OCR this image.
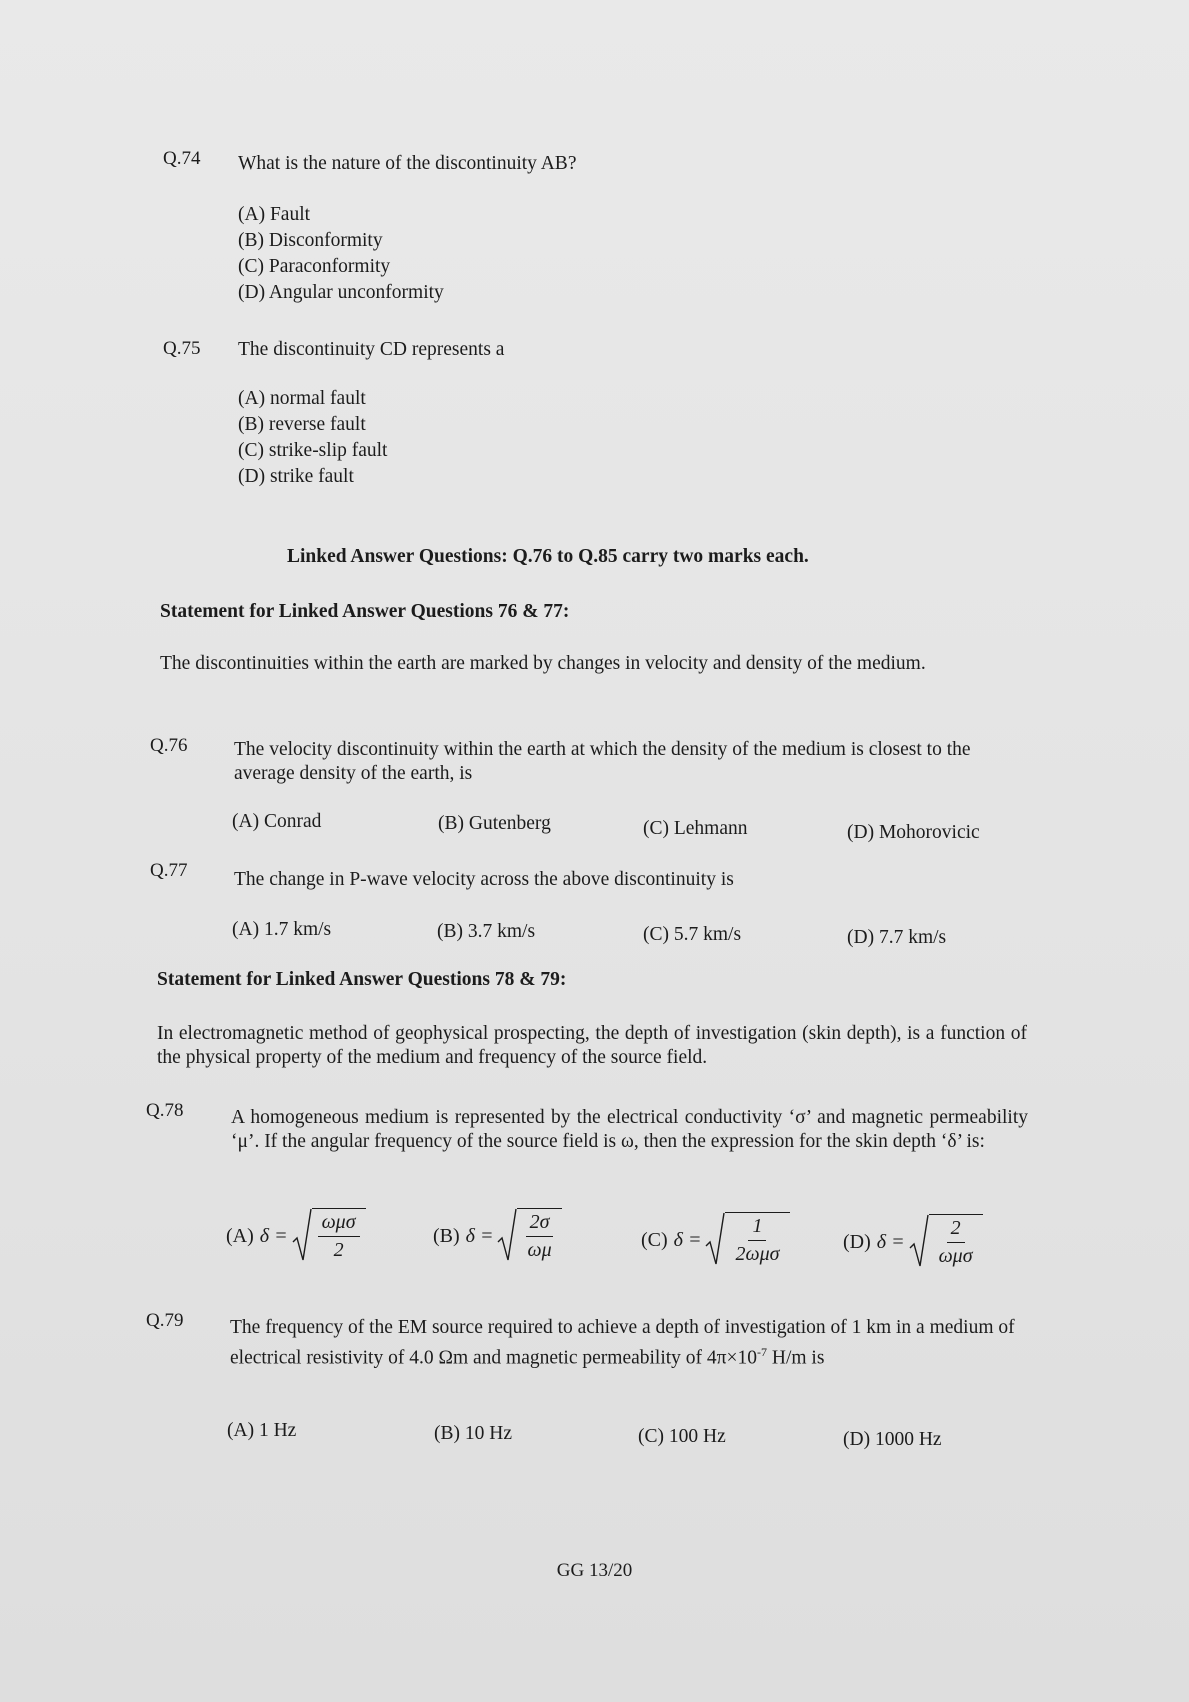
Q.74 What is the nature of the discontinuity AB?
(A) Fault
(B) Disconformity
(C) Paraconformity
(D) Angular unconformity
Q.75 The discontinuity CD represents a
(A) normal fault
(B) reverse fault
(C) strike-slip fault
(D) strike fault
Linked Answer Questions: Q.76 to Q.85 carry two marks each.
Statement for Linked Answer Questions 76 & 77:
The discontinuities within the earth are marked by changes in velocity and density of the medium.
Q.76 The velocity discontinuity within the earth at which the density of the medium is closest to the average density of the earth, is
(A) Conrad	(B) Gutenberg	(C) Lehmann	(D) Mohorovicic
Q.77 The change in P-wave velocity across the above discontinuity is
(A) 1.7 km/s	(B) 3.7 km/s	(C) 5.7 km/s	(D) 7.7 km/s
Statement for Linked Answer Questions 78 & 79:
In electromagnetic method of geophysical prospecting, the depth of investigation (skin depth), is a function of the physical property of the medium and frequency of the source field.
Q.78 A homogeneous medium is represented by the electrical conductivity ‘σ’ and magnetic permeability ‘μ’. If the angular frequency of the source field is ω, then the expression for the skin depth ‘δ’ is:
(A) $\delta = \frac{\text{ωμσ}}{2}$	(B) $\delta = \frac{2\sigma}{\omega\mu}$	(C) $\delta = \frac{1}{\text{2ωμσ}}$	(D) $\delta = \frac{2}{\text{ωμσ}}$
Q.79 The frequency of the EM source required to achieve a depth of investigation of 1 km in a medium of electrical resistivity of 4.0 Ωm and magnetic permeability of $4\pi\times 10^{-7}$ H/m is
(A) 1 Hz	(B) 10 Hz	(C) 100 Hz	(D) 1000 Hz
GG 13/20
